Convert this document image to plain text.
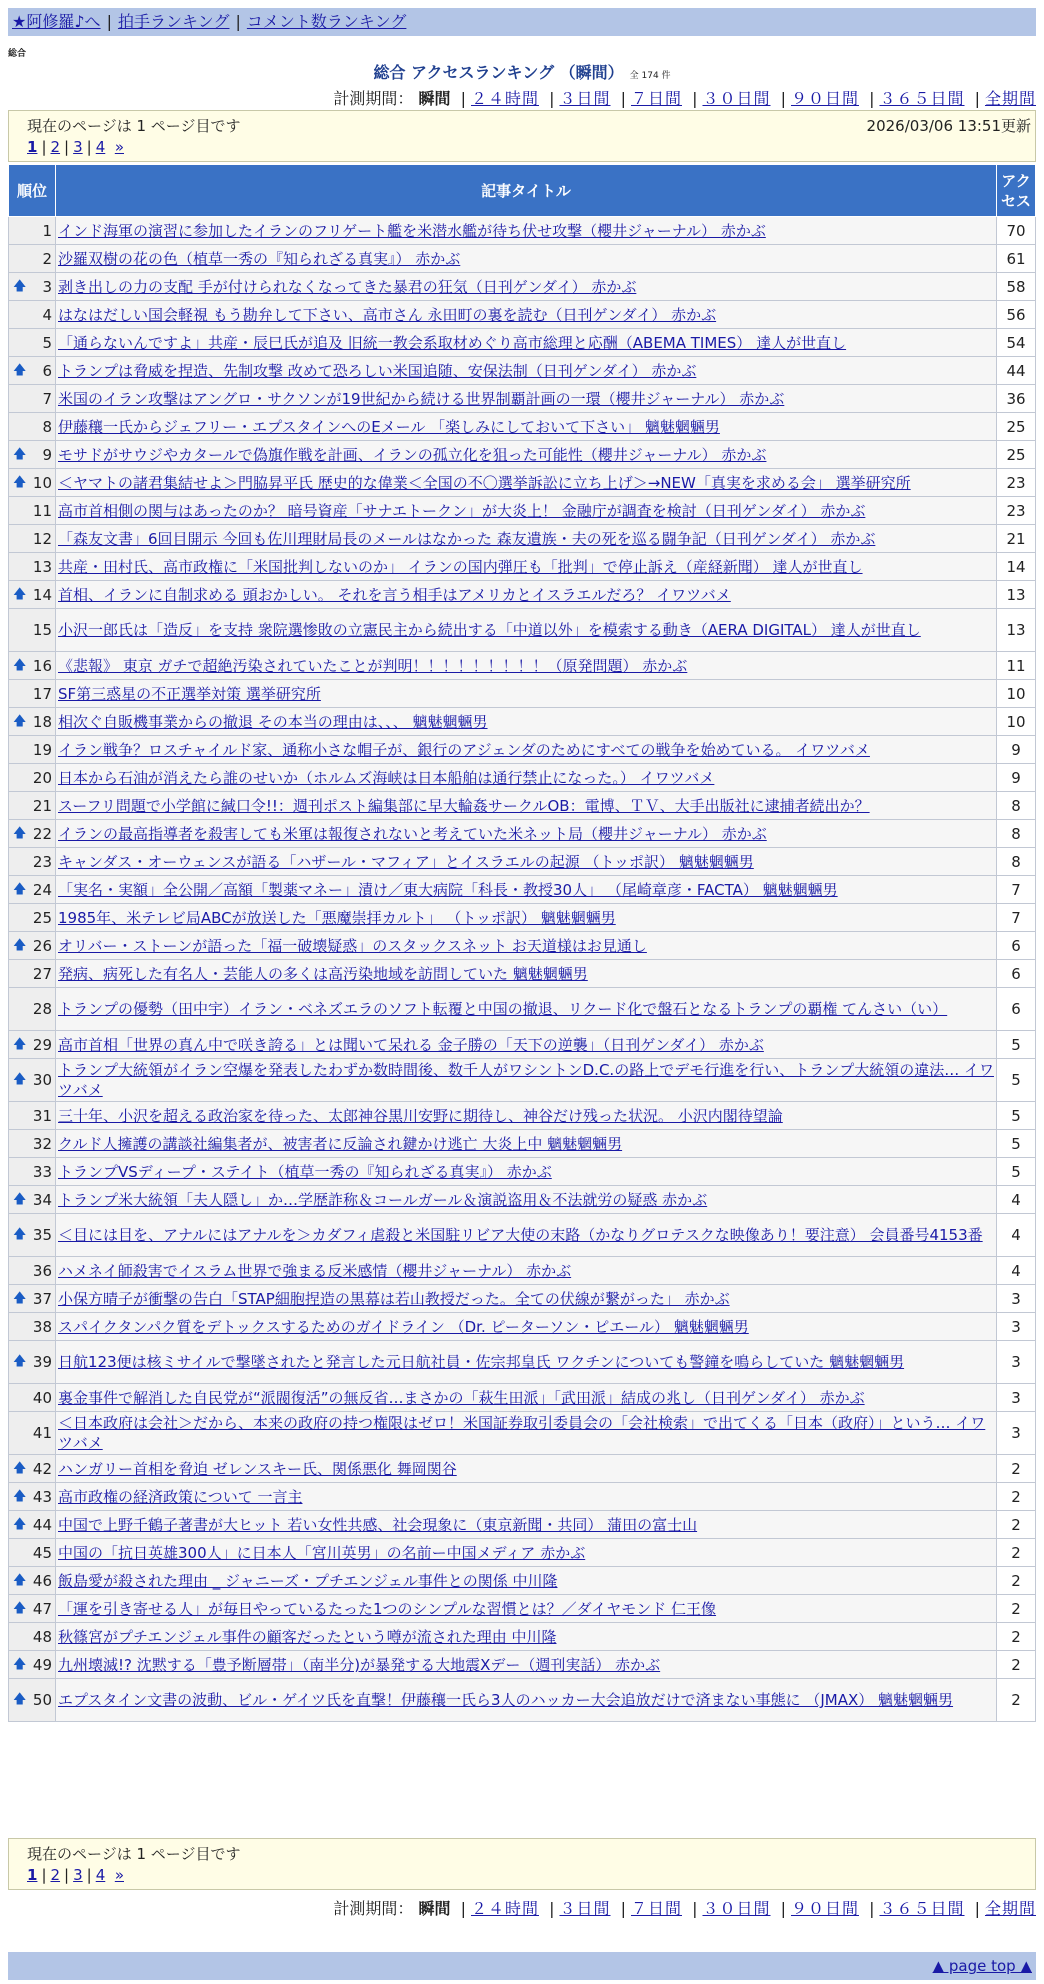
★阿修羅♪へ | 拍手ランキング | コメント数ランキング
総合
総合 アクセスランキング （瞬間） 全 174 件
計測期間： 瞬間 | ２４時間 | ３日間 | ７日間 | ３０日間 | ９０日間 | ３６５日間 | 全期間
現在のページは 1 ページ目です	2026/03/06 13:51更新
1 | 2 | 3 | 4 »
順位	記事タイトル	アクセス
1	インド海軍の演習に参加したイランのフリゲート艦を米潜水艦が待ち伏せ攻撃（櫻井ジャーナル） 赤かぶ	70
2	沙羅双樹の花の色（植草一秀の『知られざる真実』） 赤かぶ	61

🡅 3	剥き出しの力の支配 手が付けられなくなってきた暴君の狂気（日刊ゲンダイ） 赤かぶ	58
4	はなはだしい国会軽視 もう勘弁して下さい、高市さん 永田町の裏を読む（日刊ゲンダイ） 赤かぶ	56
5	「通らないんですよ」共産・辰巳氏が追及 旧統一教会系取材めぐり高市総理と応酬（ABEMA TIMES） 達人が世直し	54

🡅 6	トランプは脅威を捏造、先制攻撃 改めて恐ろしい米国追随、安保法制（日刊ゲンダイ） 赤かぶ	44
7	米国のイラン攻撃はアングロ・サクソンが19世紀から続ける世界制覇計画の一環（櫻井ジャーナル） 赤かぶ	36
8	伊藤穰一氏からジェフリー・エプスタインへのEメール 「楽しみにしておいて下さい」 魑魅魍魎男	25

🡅 9	モサドがサウジやカタールで偽旗作戦を計画、イランの孤立化を狙った可能性（櫻井ジャーナル） 赤かぶ	25

🡅 10	＜ヤマトの諸君集結せよ＞門脇昇平氏 歴史的な偉業＜全国の不〇選挙訴訟に立ち上げ＞→NEW「真実を求める会」 選挙研究所	23
11	高市首相側の関与はあったのか？ 暗号資産「サナエトークン」が大炎上！ 金融庁が調査を検討（日刊ゲンダイ） 赤かぶ	23
12	「森友文書」6回目開示 今回も佐川理財局長のメールはなかった 森友遺族・夫の死を巡る闘争記（日刊ゲンダイ） 赤かぶ	21
13	共産・田村氏、高市政権に「米国批判しないのか」 イランの国内弾圧も「批判」で停止訴え（産経新聞） 達人が世直し	14

🡅 14	首相、イランに自制求める 頭おかしい。 それを言う相手はアメリカとイスラエルだろ？ イワツバメ	13
15	小沢一郎氏は「造反」を支持 衆院選惨敗の立憲民主から続出する「中道以外」を模索する動き（AERA DIGITAL） 達人が世直し	13

🡅 16	《悲報》 東京 ガチで超絶汚染されていたことが判明！！！！！！！！！（原発問題） 赤かぶ	11
17	SF第三惑星の不正選挙対策 選挙研究所	10

🡅 18	相次ぐ自販機事業からの撤退 その本当の理由は、、、 魑魅魍魎男	10
19	イラン戦争？ロスチャイルド家、通称小さな帽子が、銀行のアジェンダのためにすべての戦争を始めている。 イワツバメ	9
20	日本から石油が消えたら誰のせいか（ホルムズ海峡は日本船舶は通行禁止になった。） イワツバメ	9
21	スーフリ問題で小学館に緘口令!!：週刊ポスト編集部に早大輪姦サークルOB：電博、ＴＶ、大手出版社に逮捕者続出か？	8

🡅 22	イランの最高指導者を殺害しても米軍は報復されないと考えていた米ネット局（櫻井ジャーナル） 赤かぶ	8
23	キャンダス・オーウェンスが語る「ハザール・マフィア」とイスラエルの起源 （トッポ訳） 魑魅魍魎男	8

🡅 24	「実名・実額」全公開／高額「製薬マネー」漬け／東大病院「科長・教授30人」 （尾崎章彦・FACTA） 魑魅魍魎男	7
25	1985年、米テレビ局ABCが放送した「悪魔崇拝カルト」 （トッポ訳） 魑魅魍魎男	7

🡅 26	オリバー・ストーンが語った「福一破壊疑惑」のスタックスネット お天道様はお見通し	6
27	発病、病死した有名人・芸能人の多くは高汚染地域を訪問していた 魑魅魍魎男	6
28	トランプの優勢（田中宇）イラン・ベネズエラのソフト転覆と中国の撤退、リクード化で盤石となるトランプの覇権 てんさい（い）	6

🡅 29	高市首相「世界の真ん中で咲き誇る」とは聞いて呆れる 金子勝の「天下の逆襲」（日刊ゲンダイ） 赤かぶ	5

🡅 30	トランプ大統領がイラン空爆を発表したわずか数時間後、数千人がワシントンD.C.の路上でデモ行進を行い、トランプ大統領の違法… イワツバメ	5
31	三十年、小沢を超える政治家を待った、太郎神谷黒川安野に期待し、神谷だけ残った状況。 小沢内閣待望論	5
32	クルド人擁護の講談社編集者が、被害者に反論され鍵かけ逃亡 大炎上中 魑魅魍魎男	5
33	トランプVSディープ・ステイト（植草一秀の『知られざる真実』） 赤かぶ	5

🡅 34	トランプ米大統領「夫人隠し」か…学歴詐称＆コールガール＆演説盗用＆不法就労の疑惑 赤かぶ	4

🡅 35	＜目には目を、アナルにはアナルを＞カダフィ虐殺と米国駐リビア大使の末路（かなりグロテスクな映像あり！要注意） 会員番号4153番	4
36	ハメネイ師殺害でイスラム世界で強まる反米感情（櫻井ジャーナル） 赤かぶ	4

🡅 37	小保方晴子が衝撃の告白「STAP細胞捏造の黒幕は若山教授だった。全ての伏線が繋がった」 赤かぶ	3
38	スパイクタンパク質をデトックスするためのガイドライン （Dr. ピーターソン・ピエール） 魑魅魍魎男	3

🡅 39	日航123便は核ミサイルで撃墜されたと発言した元日航社員・佐宗邦皇氏 ワクチンについても警鐘を鳴らしていた 魑魅魍魎男	3
40	裏金事件で解消した自民党が“派閥復活”の無反省…まさかの「萩生田派」「武田派」結成の兆し（日刊ゲンダイ） 赤かぶ	3
41	＜日本政府は会社＞だから、本来の政府の持つ権限はゼロ！米国証券取引委員会の「会社検索」で出てくる「日本（政府）」という… イワツバメ	3

🡅 42	ハンガリー首相を脅迫 ゼレンスキー氏、関係悪化 舞岡関谷	2

🡅 43	高市政権の経済政策について 一言主	2

🡅 44	中国で上野千鶴子著書が大ヒット 若い女性共感、社会現象に（東京新聞・共同） 蒲田の富士山	2
45	中国の「抗日英雄300人」に日本人「宮川英男」の名前ー中国メディア 赤かぶ	2

🡅 46	飯島愛が殺された理由 _ ジャニーズ・プチエンジェル事件との関係 中川隆	2

🡅 47	「運を引き寄せる人」が毎日やっているたった1つのシンプルな習慣とは？／ダイヤモンド 仁王像	2
48	秋篠宮がプチエンジェル事件の顧客だったという噂が流された理由 中川隆	2

🡅 49	九州壊滅!? 沈黙する「豊予断層帯」（南半分)が暴発する大地震Xデー（週刊実話） 赤かぶ	2

🡅 50	エプスタイン文書の波動、ビル・ゲイツ氏を直撃！伊藤穰一氏ら3人のハッカー大会追放だけで済まない事態に （JMAX） 魑魅魍魎男	2
現在のページは 1 ページ目です
1 | 2 | 3 | 4 »
計測期間： 瞬間 | ２４時間 | ３日間 | ７日間 | ３０日間 | ９０日間 | ３６５日間 | 全期間
▲ page top ▲
